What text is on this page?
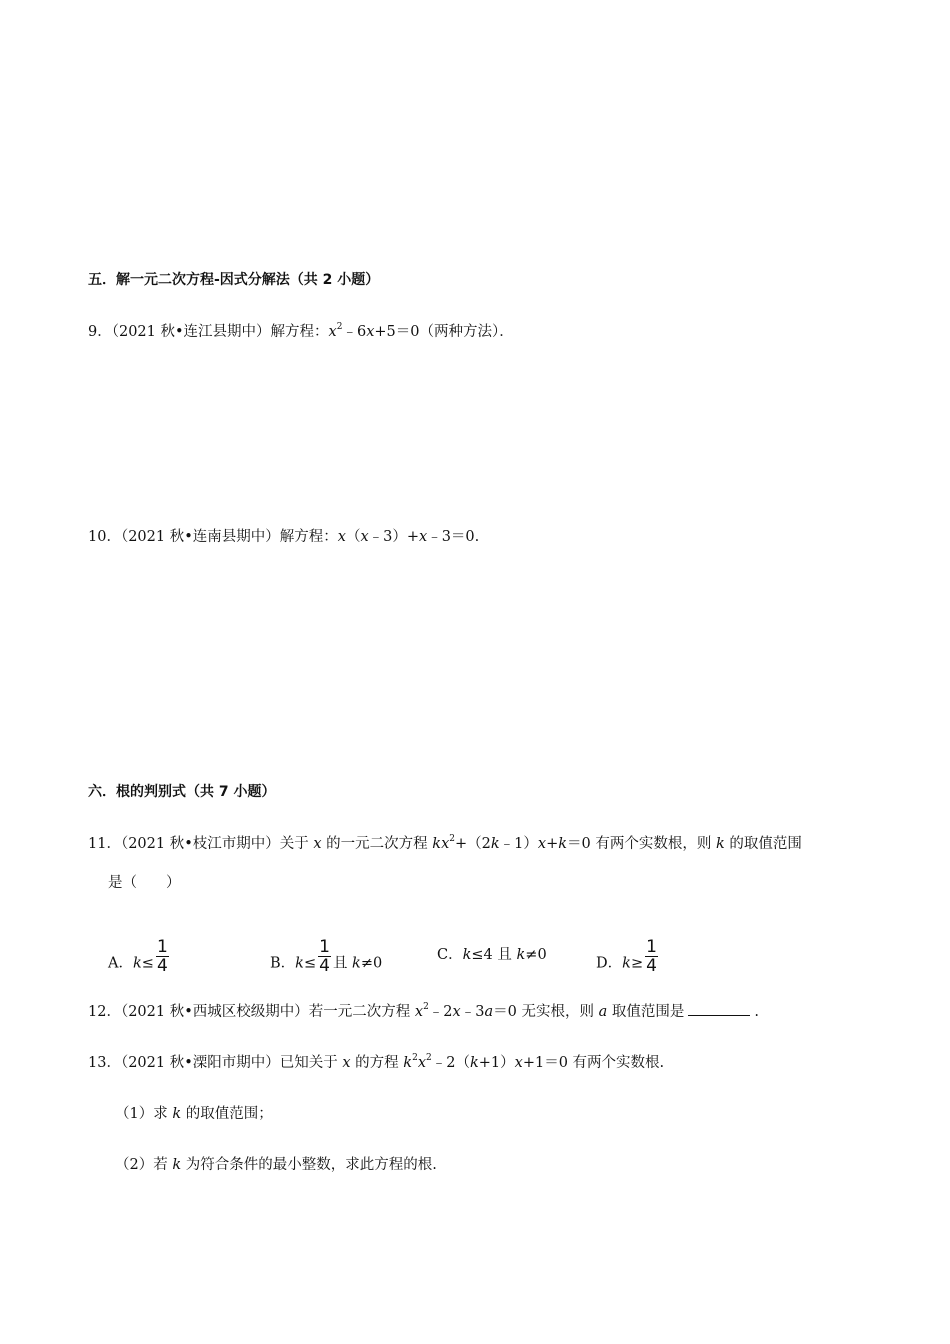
五．解一元二次方程-因式分解法（共 2 小题）
9．（2021 秋•连江县期中）解方程：$x^2﹣6x+5=0$（两种方法）．
10．（2021 秋•连南县期中）解方程：x（x﹣3）+x﹣3＝0.
六．根的判别式（共 7 小题）
11．（2021 秋•枝江市期中）关于 x 的一元二次方程 $kx^2+(2k﹣1)x+k=0$ 有两个实数根，则 k 的取值范围
是（　　）
A．$k\le \frac{1}{4}$	B．$k\le \frac{1}{4}$ 且 k≠0
C．k≤4 且 k≠0
D．$k\ge \frac{1}{4}$
12．（2021 秋•西城区校级期中）若一元二次方程 $x^2﹣2x﹣3a=0$ 无实根，则 a 取值范围是	.
13．（2021 秋•溧阳市期中）已知关于 x 的方程 $k^2x^2﹣2(k+1)x+1=0$ 有两个实数根.
（1）求 k 的取值范围；
（2）若 k 为符合条件的最小整数，求此方程的根.
